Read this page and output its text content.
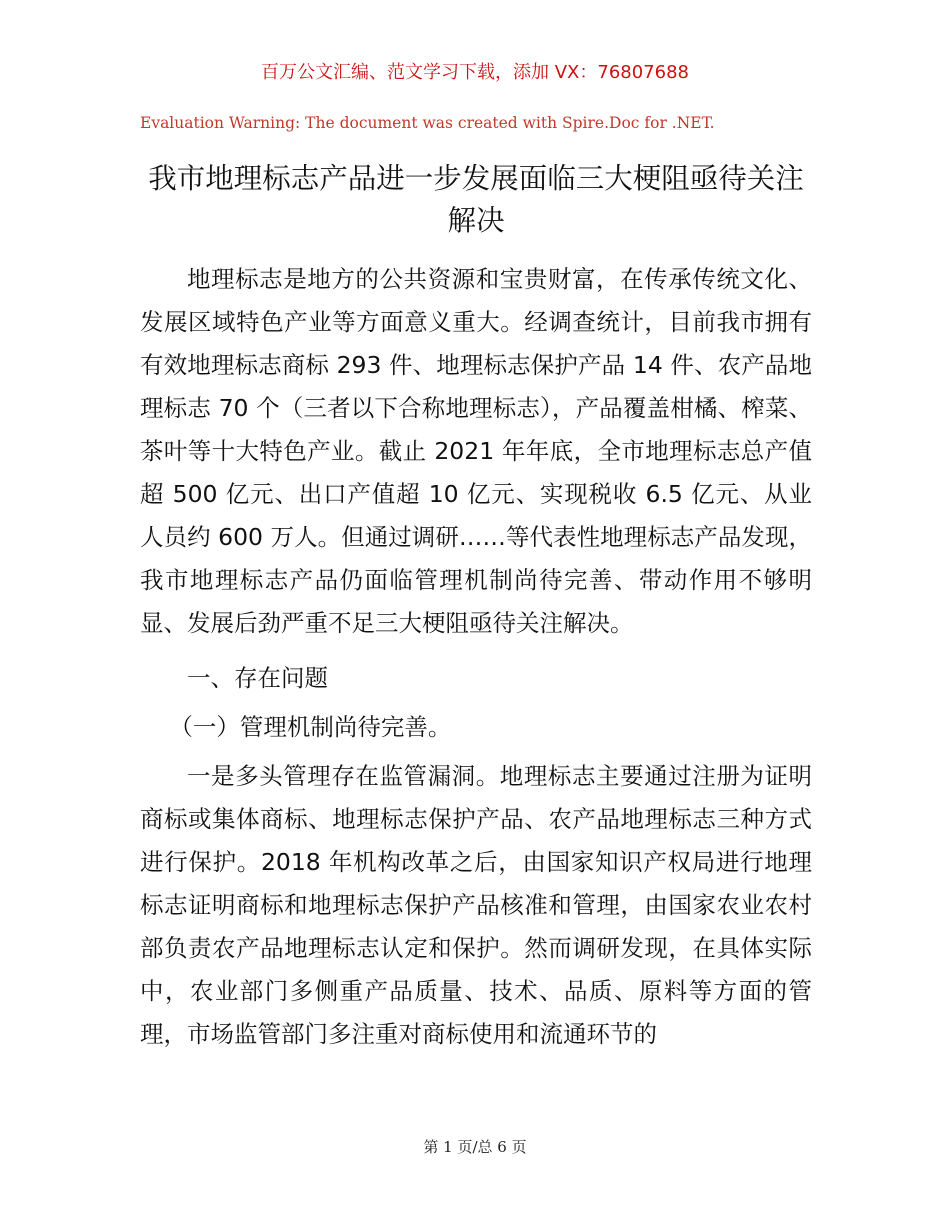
百万公文汇编、范文学习下载，添加 VX：76807688
Evaluation Warning: The document was created with Spire.Doc for .NET.
我市地理标志产品进一步发展面临三大梗阻亟待关注解决

地理标志是地方的公共资源和宝贵财富，在传承传统文化、发展区域特色产业等方面意义重大。经调查统计，目前我市拥有有效地理标志商标 293 件、地理标志保护产品 14 件、农产品地理标志 70 个（三者以下合称地理标志），产品覆盖柑橘、榨菜、茶叶等十大特色产业。截止 2021 年年底，全市地理标志总产值超 500 亿元、出口产值超 10 亿元、实现税收 6.5 亿元、从业人员约 600 万人。但通过调研……等代表性地理标志产品发现，我市地理标志产品仍面临管理机制尚待完善、带动作用不够明显、发展后劲严重不足三大梗阻亟待关注解决。

一、存在问题
（一）管理机制尚待完善。

一是多头管理存在监管漏洞。地理标志主要通过注册为证明商标或集体商标、地理标志保护产品、农产品地理标志三种方式进行保护。2018 年机构改革之后，由国家知识产权局进行地理标志证明商标和地理标志保护产品核准和管理，由国家农业农村部负责农产品地理标志认定和保护。然而调研发现，在具体实际中，农业部门多侧重产品质量、技术、品质、原料等方面的管理，市场监管部门多注重对商标使用和流通环节的

第 1 页/总 6 页
